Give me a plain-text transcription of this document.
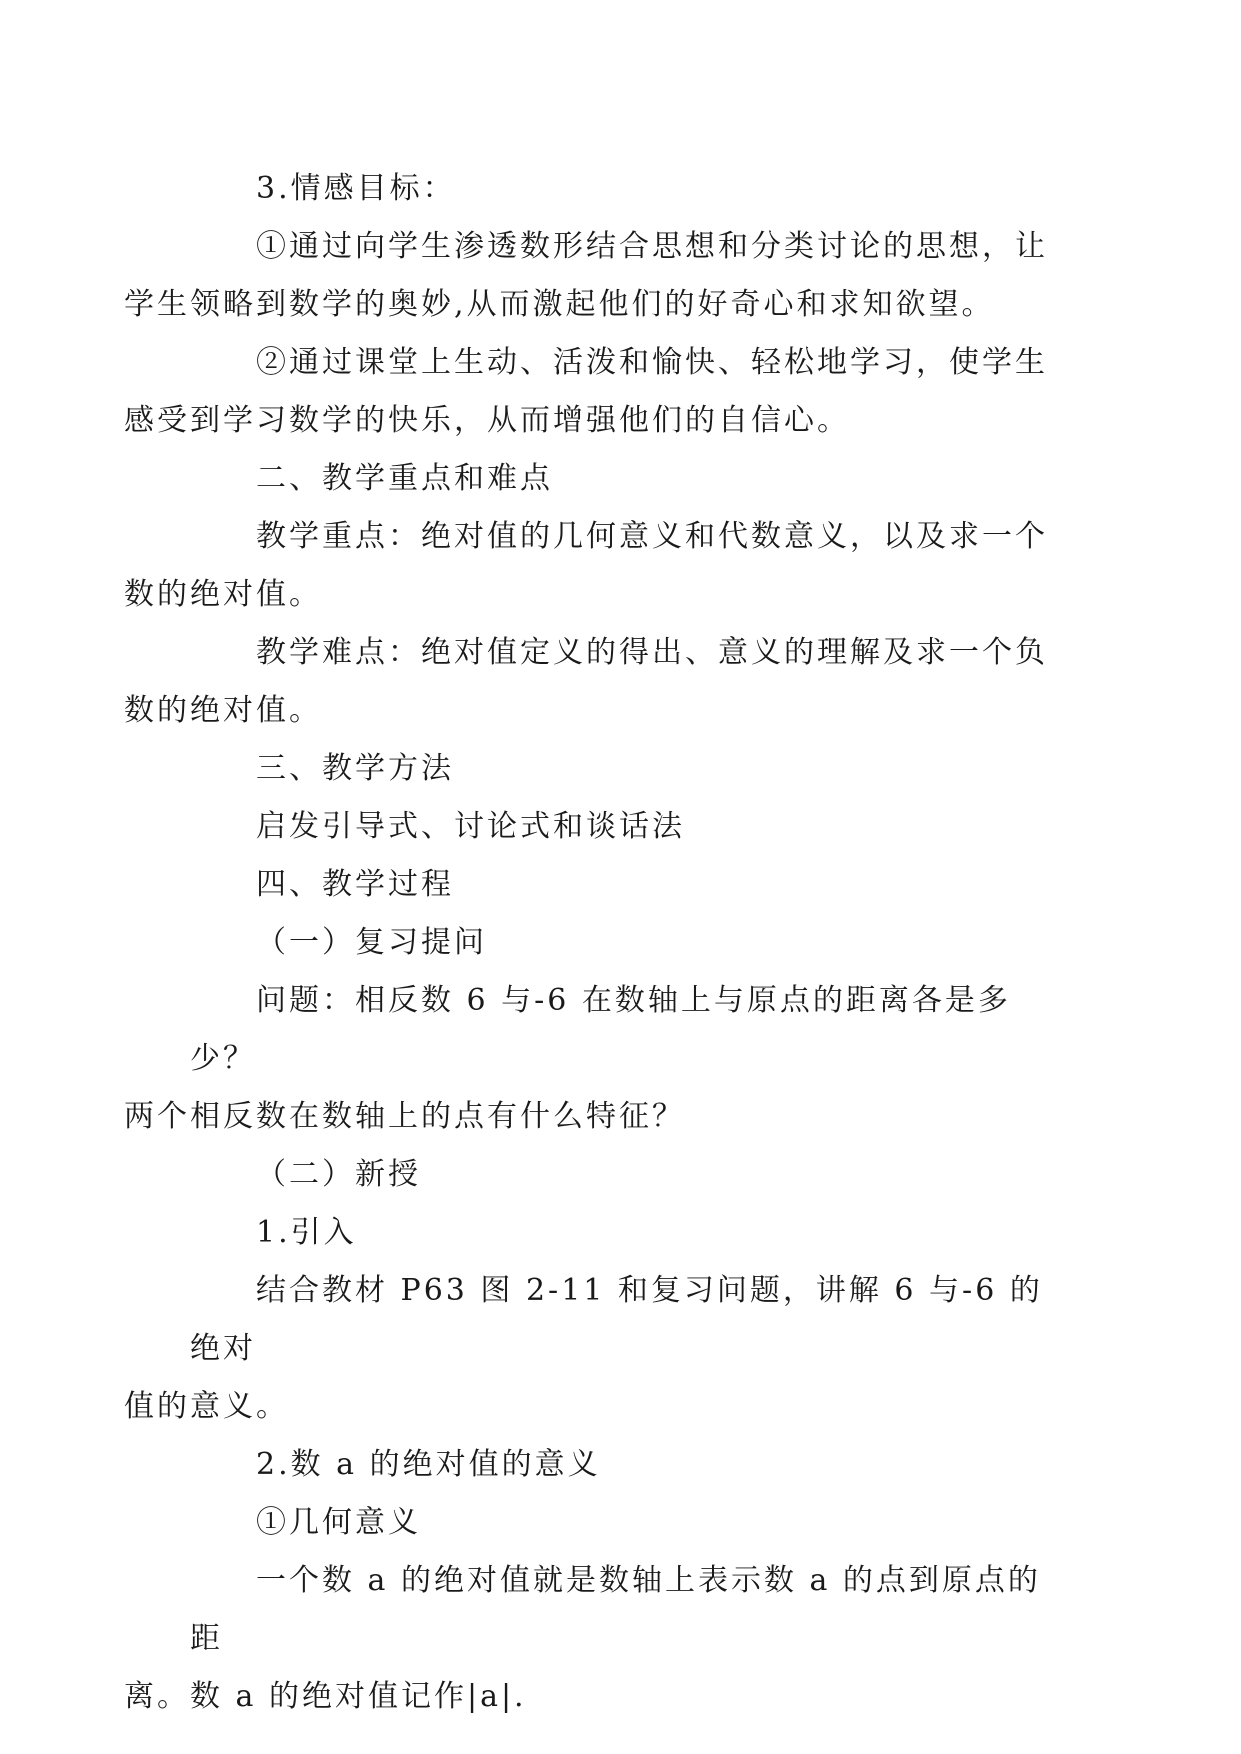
3.情感目标：

①通过向学生渗透数形结合思想和分类讨论的思想，让
学生领略到数学的奥妙,从而激起他们的好奇心和求知欲望。

②通过课堂上生动、活泼和愉快、轻松地学习，使学生
感受到学习数学的快乐，从而增强他们的自信心。

二、教学重点和难点

教学重点：绝对值的几何意义和代数意义，以及求一个
数的绝对值。

教学难点：绝对值定义的得出、意义的理解及求一个负
数的绝对值。

三、教学方法

启发引导式、讨论式和谈话法

四、教学过程

（一）复习提问

问题：相反数 6 与-6 在数轴上与原点的距离各是多少？
两个相反数在数轴上的点有什么特征？

（二）新授

1.引入

结合教材 P63 图 2-11 和复习问题，讲解 6 与-6 的绝对
值的意义。

2.数 a 的绝对值的意义

①几何意义

一个数 a 的绝对值就是数轴上表示数 a 的点到原点的距
离。数 a 的绝对值记作|a|.
